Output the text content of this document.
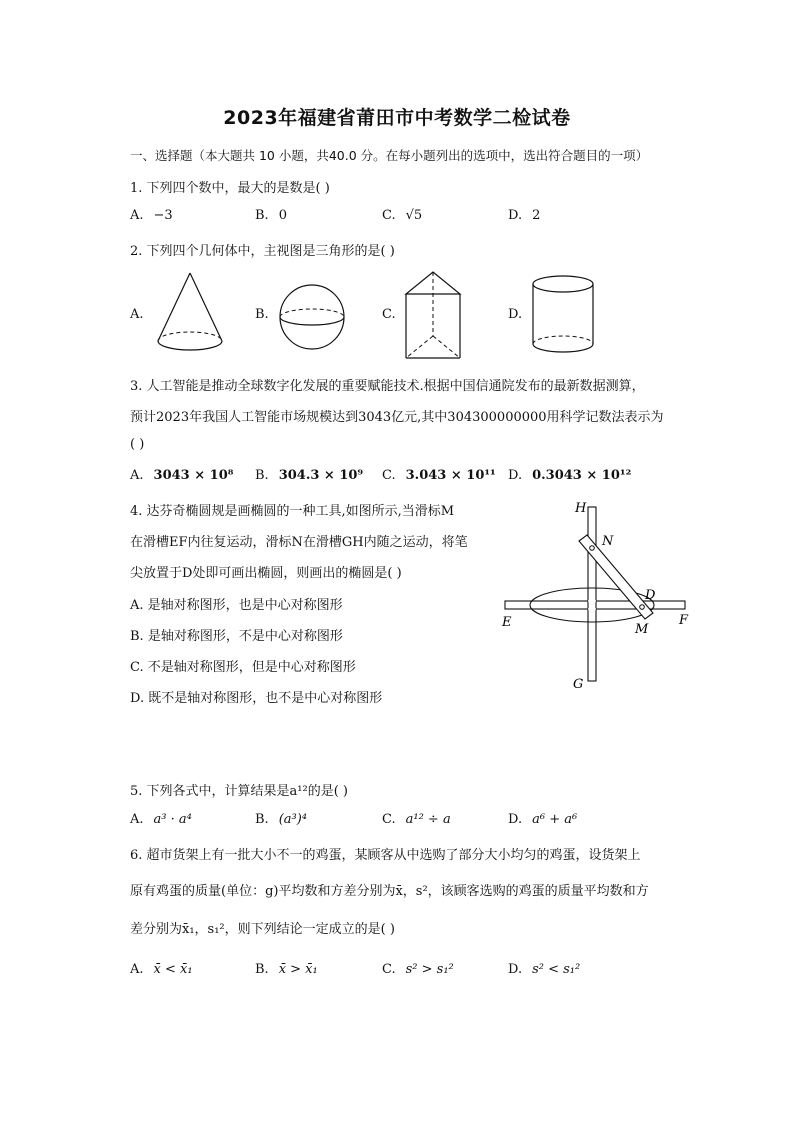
2023年福建省莆田市中考数学二检试卷
一、选择题（本大题共 10 小题，共40.0 分。在每小题列出的选项中，选出符合题目的一项）
1. 下列四个数中，最大的是数是( )
A. −3	B. 0	C. √5	D. 2
2. 下列四个几何体中，主视图是三角形的是( )
A.	B.	C.	D.
3. 人工智能是推动全球数字化发展的重要赋能技术.根据中国信通院发布的最新数据测算，
预计2023年我国人工智能市场规模达到3043亿元,其中304300000000用科学记数法表示为
( )
A. 3043 × 10⁸ B. 304.3 × 10⁹ C. 3.043 × 10¹¹ D. 0.3043 × 10¹²
4. 达芬奇椭圆规是画椭圆的一种工具,如图所示,当滑标M
在滑槽EF内往复运动，滑标N在滑槽GH内随之运动，将笔
尖放置于D处即可画出椭圆，则画出的椭圆是( )
A. 是轴对称图形，也是中心对称图形
B. 是轴对称图形，不是中心对称图形
C. 不是轴对称图形，但是中心对称图形
D. 既不是轴对称图形，也不是中心对称图形
H
N
D
E	M
F
G
5. 下列各式中，计算结果是a¹²的是( )
A. a³ · a⁴	B. (a³)⁴	C. a¹² ÷ a	D. a⁶ + a⁶
6. 超市货架上有一批大小不一的鸡蛋，某顾客从中选购了部分大小均匀的鸡蛋，设货架上
原有鸡蛋的质量(单位：g)平均数和方差分别为x̄，s²，该顾客选购的鸡蛋的质量平均数和方
差分别为x̄₁，s₁²，则下列结论一定成立的是( )
A. x̄ < x̄₁	B. x̄ > x̄₁	C. s² > s₁²	D. s² < s₁²
